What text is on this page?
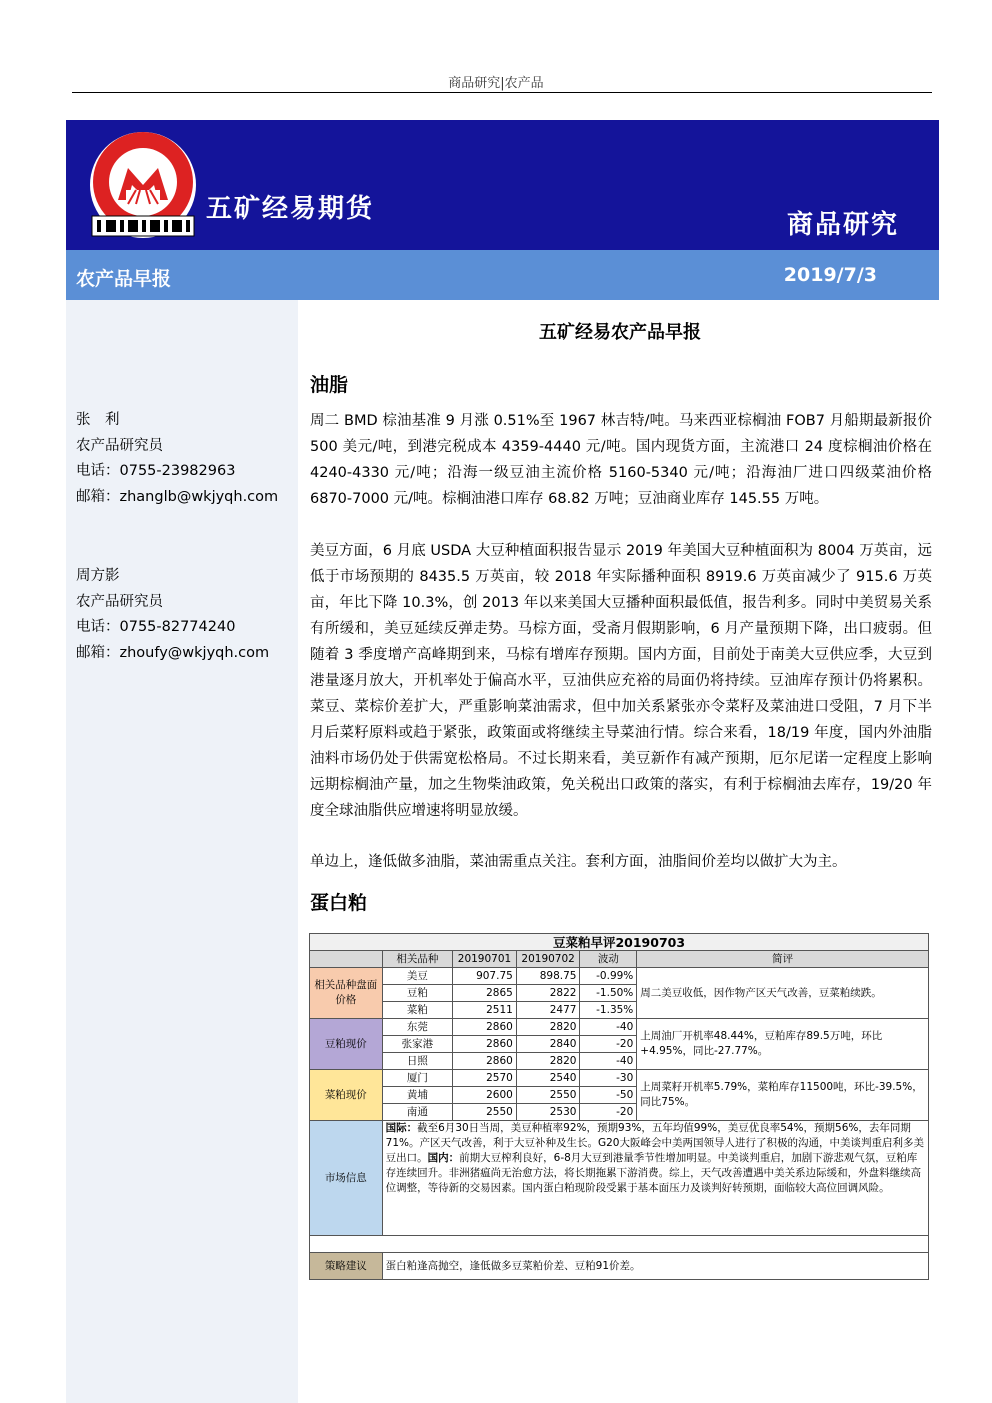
商品研究|农产品
五矿经易期货
商品研究
农产品早报	2019/7/3
张　利
农产品研究员
电话：0755-23982963
邮箱：zhanglb@wkjyqh.com
周方影
农产品研究员
电话：0755-82774240
邮箱：zhoufy@wkjyqh.com
五矿经易农产品早报
油脂
周二 BMD 棕油基准 9 月涨 0.51%至 1967 林吉特/吨。马来西亚棕榈油 FOB7 月船期最新报价 500 美元/吨，到港完税成本 4359-4440 元/吨。国内现货方面，主流港口 24 度棕榈油价格在 4240-4330 元/吨；沿海一级豆油主流价格 5160-5340 元/吨；沿海油厂进口四级菜油价格 6870-7000 元/吨。棕榈油港口库存 68.82 万吨；豆油商业库存 145.55 万吨。
美豆方面，6 月底 USDA 大豆种植面积报告显示 2019 年美国大豆种植面积为 8004 万英亩，远低于市场预期的 8435.5 万英亩，较 2018 年实际播种面积 8919.6 万英亩减少了 915.6 万英亩，年比下降 10.3%，创 2013 年以来美国大豆播种面积最低值，报告利多。同时中美贸易关系有所缓和，美豆延续反弹走势。马棕方面，受斋月假期影响，6 月产量预期下降，出口疲弱。但随着 3 季度增产高峰期到来，马棕有增库存预期。国内方面，目前处于南美大豆供应季，大豆到港量逐月放大，开机率处于偏高水平，豆油供应充裕的局面仍将持续。豆油库存预计仍将累积。菜豆、菜棕价差扩大，严重影响菜油需求，但中加关系紧张亦令菜籽及菜油进口受阻，7 月下半月后菜籽原料或趋于紧张，政策面或将继续主导菜油行情。综合来看，18/19 年度，国内外油脂油料市场仍处于供需宽松格局。不过长期来看，美豆新作有减产预期，厄尔尼诺一定程度上影响远期棕榈油产量，加之生物柴油政策，免关税出口政策的落实，有利于棕榈油去库存，19/20 年度全球油脂供应增速将明显放缓。
单边上，逢低做多油脂，菜油需重点关注。套利方面，油脂间价差均以做扩大为主。
蛋白粕
豆菜粕早评20190703					
	相关品种	20190701	20190702	波动	简评
相关品种盘面价格	美豆	907.75	898.75	-0.99%	周二美豆收低，因作物产区天气改善，豆菜粕续跌。
	豆粕	2865	2822	-1.50%	
	菜粕	2511	2477	-1.35%	
豆粕现价	东莞	2860	2820	-40	上周油厂开机率48.44%，豆粕库存89.5万吨，环比+4.95%，同比-27.77%。
	张家港	2860	2840	-20	
	日照	2860	2820	-40	
菜粕现价	厦门	2570	2540	-30	上周菜籽开机率5.79%，菜粕库存11500吨，环比-39.5%，同比75%。
	黄埔	2600	2550	-50	
	南通	2550	2530	-20	
市场信息	国际：截至6月30日当周，美豆种植率92%，预期93%，五年均值99%，美豆优良率54%，预期56%，去年同期71%。产区天气改善，利于大豆补种及生长。G20大阪峰会中美两国领导人进行了积极的沟通，中美谈判重启利多美豆出口。国内：前期大豆榨利良好，6-8月大豆到港量季节性增加明显。中美谈判重启，加剧下游悲观气氛，豆粕库存连续回升。非洲猪瘟尚无治愈方法，将长期拖累下游消费。综上，天气改善遭遇中美关系边际缓和，外盘料继续高位调整，等待新的交易因素。国内蛋白粕现阶段受累于基本面压力及谈判好转预期，面临较大高位回调风险。				

策略建议	蛋白粕逢高抛空，逢低做多豆菜粕价差、豆粕91价差。				
